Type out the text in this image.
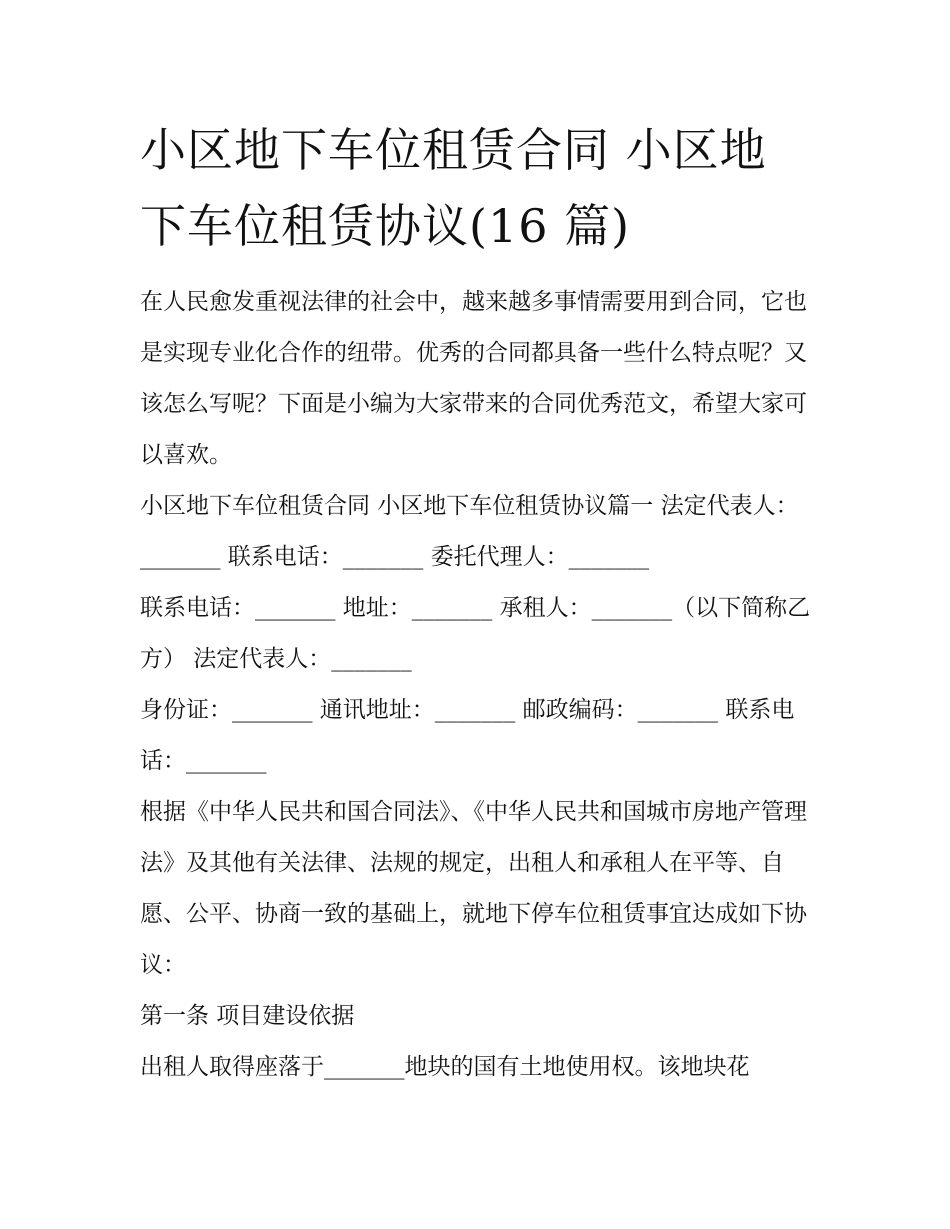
小区地下车位租赁合同 小区地
下车位租赁协议(16 篇)

在人民愈发重视法律的社会中，越来越多事情需要用到合同，它也是实现专业化合作的纽带。优秀的合同都具备一些什么特点呢？又该怎么写呢？下面是小编为大家带来的合同优秀范文，希望大家可以喜欢。

小区地下车位租赁合同 小区地下车位租赁协议篇一 法定代表人：_______ 联系电话：_______ 委托代理人：_______

联系电话：_______ 地址：_______ 承租人：_______（以下简称乙方） 法定代表人：_______

身份证：_______ 通讯地址：_______ 邮政编码：_______ 联系电话：_______

根据《中华人民共和国合同法》、《中华人民共和国城市房地产管理法》及其他有关法律、法规的规定，出租人和承租人在平等、自愿、公平、协商一致的基础上，就地下停车位租赁事宜达成如下协议：

第一条 项目建设依据

出租人取得座落于_______地块的国有土地使用权。该地块花
